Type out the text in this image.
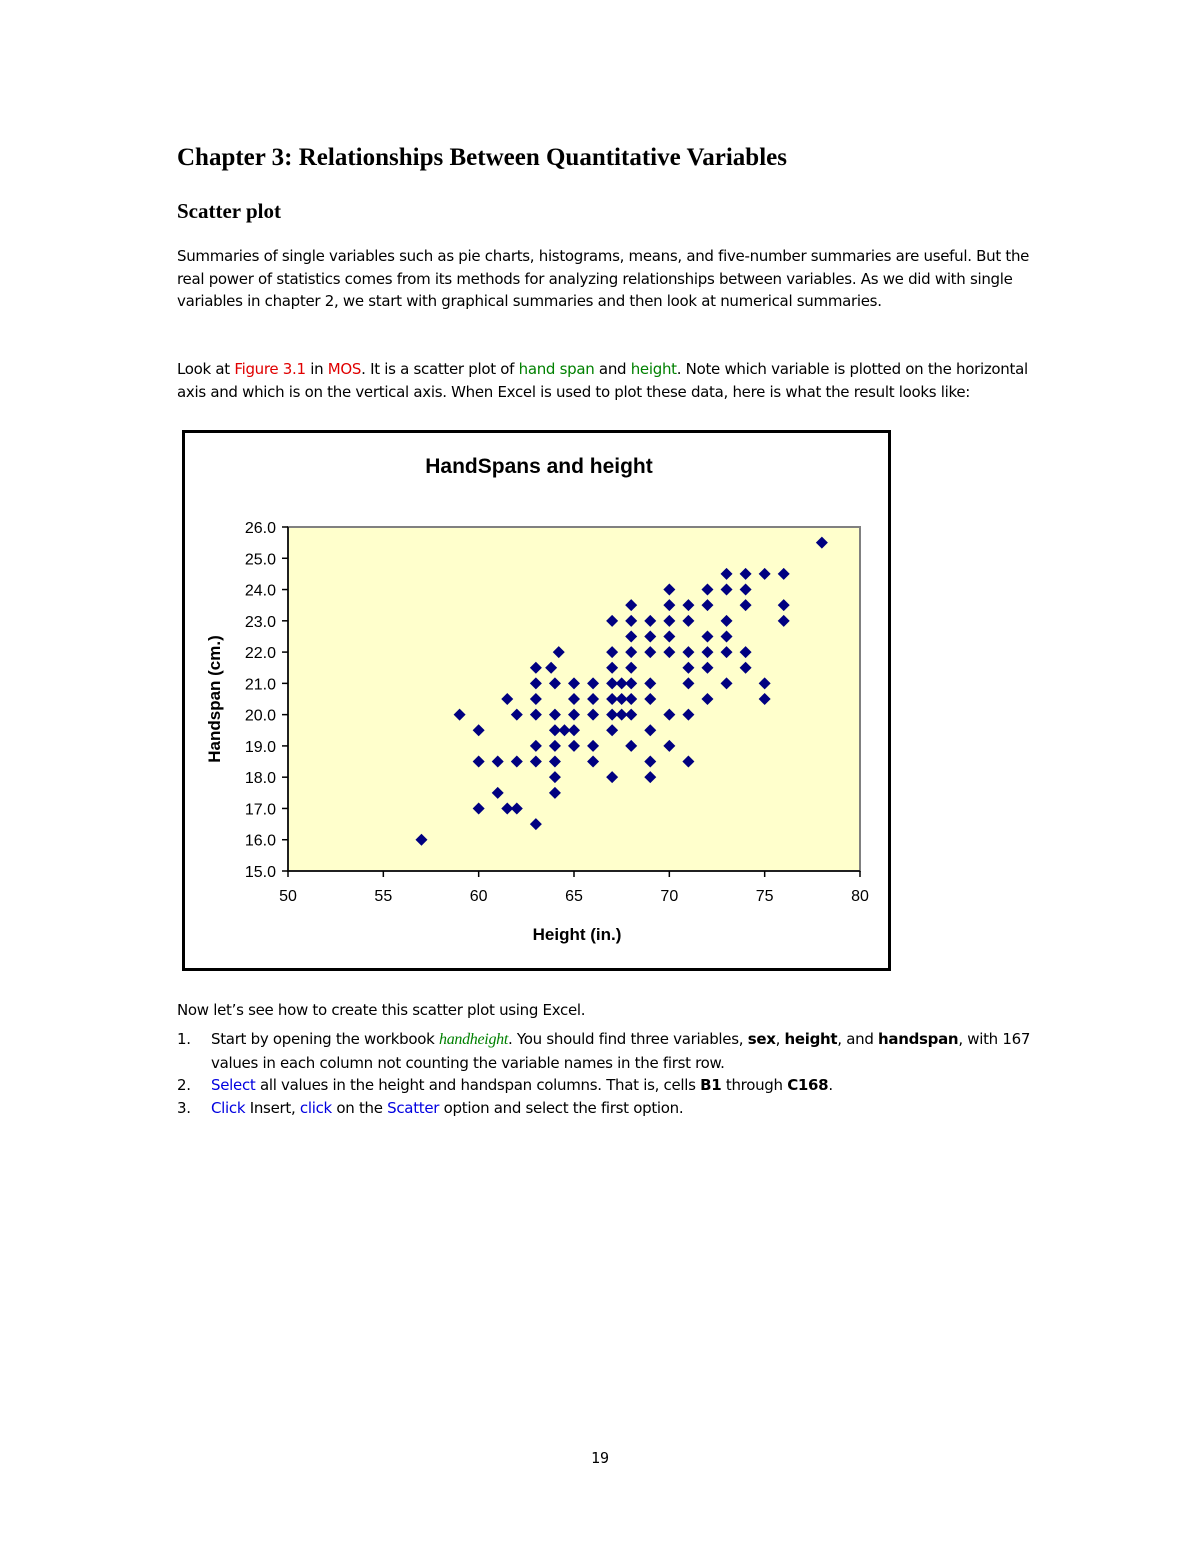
Chapter 3: Relationships Between Quantitative Variables
Scatter plot

Summaries of single variables such as pie charts, histograms, means, and five-number summaries are useful. But the real power of statistics comes from its methods for analyzing relationships between variables. As we did with single variables in chapter 2, we start with graphical summaries and then look at numerical summaries.

Look at Figure 3.1 in MOS. It is a scatter plot of hand span and height. Note which variable is plotted on the horizontal axis and which is on the vertical axis. When Excel is used to plot these data, here is what the result looks like:

HandSpans and height
15.0
16.0
17.0
18.0
19.0
20.0
21.0
22.0
23.0
24.0
25.0
26.0
50	55	60	65	70	75	80
Height (in.)
Handspan (cm.)

Now let’s see how to create this scatter plot using Excel.

1. Start by opening the workbook handheight. You should find three variables, sex, height, and handspan, with 167 values in each column not counting the variable names in the first row.
2. Select all values in the height and handspan columns. That is, cells B1 through C168.
3. Click Insert, click on the Scatter option and select the first option.
19
